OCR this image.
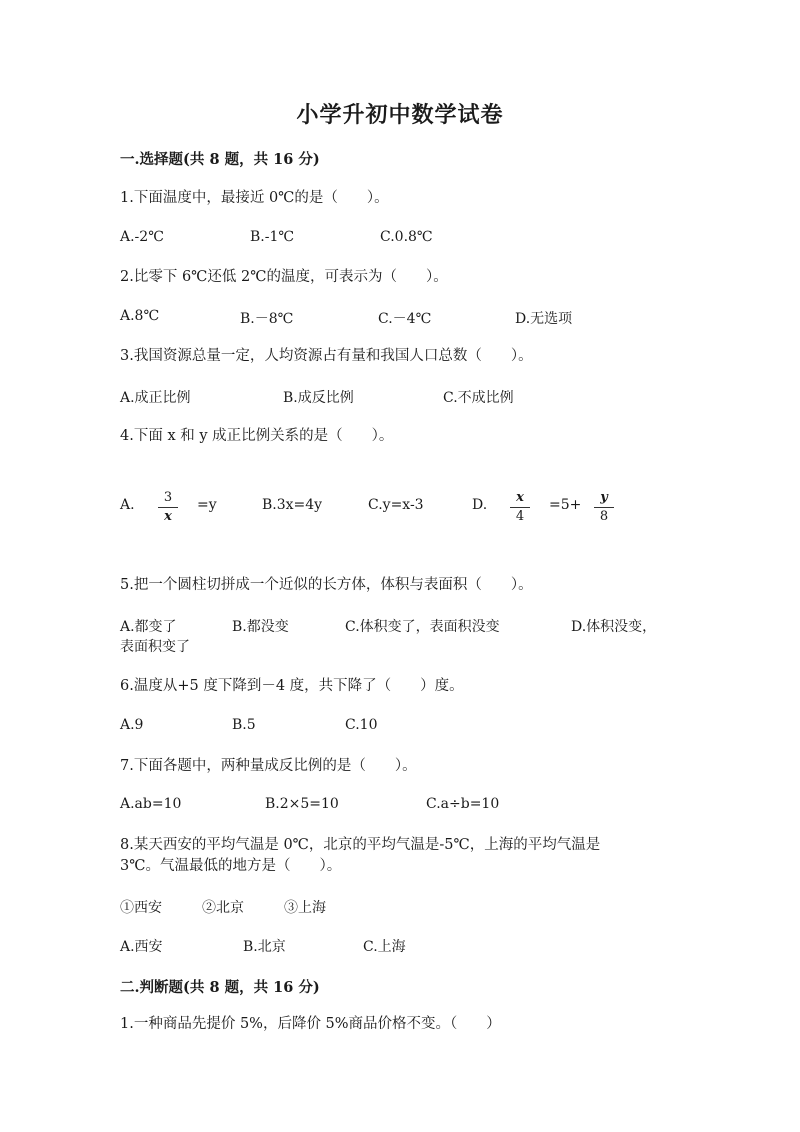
小学升初中数学试卷
一.选择题(共 8 题，共 16 分)
1.下面温度中，最接近 0℃的是（　　）。
A.-2℃	B.-1℃	C.0.8℃
2.比零下 6℃还低 2℃的温度，可表示为（　　）。
A.8℃	B.－8℃	C.－4℃	D.无选项
3.我国资源总量一定，人均资源占有量和我国人口总数（　　）。
A.成正比例	B.成反比例	C.不成比例
4.下面 x 和 y 成正比例关系的是（　　）。
A.	3
x
=y	B.3x=4y	C.y=x-3	D.	x
4
=5+	y
8
5.把一个圆柱切拼成一个近似的长方体，体积与表面积（　　）。
A.都变了	B.都没变	C.体积变了，表面积没变	D.体积没变，
表面积变了
6.温度从+5 度下降到－4 度，共下降了（　　）度。
A.9	B.5	C.10
7.下面各题中，两种量成反比例的是（　　）。
A.ab=10	B.2×5=10	C.a÷b=10
8.某天西安的平均气温是 0℃，北京的平均气温是-5℃，上海的平均气温是
3℃。气温最低的地方是（　　）。
①西安	②北京	③上海
A.西安	B.北京	C.上海
二.判断题(共 8 题，共 16 分)
1.一种商品先提价 5%，后降价 5%商品价格不变。（　　）
